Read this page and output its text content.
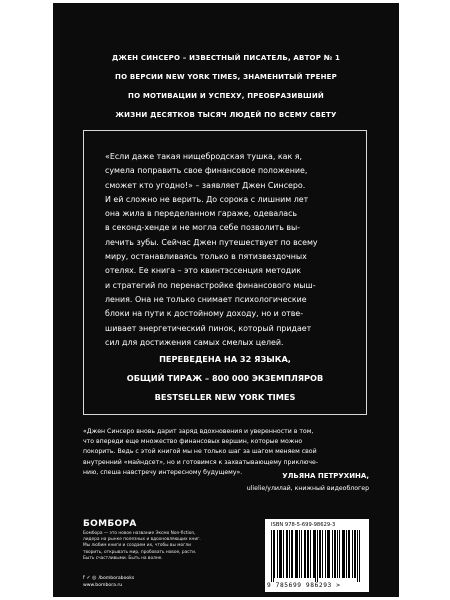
ДЖЕН СИНСЕРО – ИЗВЕСТНЫЙ ПИСАТЕЛЬ, АВТОР № 1
ПО ВЕРСИИ NEW YORK TIMES, ЗНАМЕНИТЫЙ ТРЕНЕР
ПО МОТИВАЦИИ И УСПЕХУ, ПРЕОБРАЗИВШИЙ
ЖИЗНИ ДЕСЯТКОВ ТЫСЯЧ ЛЮДЕЙ ПО ВСЕМУ СВЕТУ
«Если даже такая нищебродская тушка, как я,
сумела поправить свое финансовое положение,
сможет кто угодно!» – заявляет Джен Синсеро.
И ей сложно не верить. До сорока с лишним лет
она жила в переделанном гараже, одевалась
в секонд-хенде и не могла себе позволить вы-
лечить зубы. Сейчас Джен путешествует по всему
миру, останавливаясь только в пятизвездочных
отелях. Ее книга – это квинтэссенция методик
и стратегий по перенастройке финансового мыш-
ления. Она не только снимает психологические
блоки на пути к достойному доходу, но и отве-
шивает энергетический пинок, который придает
сил для достижения самых смелых целей.
ПЕРЕВЕДЕНА НА 32 ЯЗЫКА,
ОБЩИЙ ТИРАЖ – 800 000 ЭКЗЕМПЛЯРОВ
BESTSELLER NEW YORK TIMES
«Джен Синсеро вновь дарит заряд вдохновения и уверенности в том,
что впереди еще множество финансовых вершин, которые можно
покорить. Ведь с этой книгой мы не только шаг за шагом меняем свой
внутренний «майндсет», но и готовимся к захватывающему приключе-
нию, спеша навстречу интересному будущему».	УЛЬЯНА ПЕТРУХИНА,
ulielie/улилай, книжный видеоблогер
БОМБОРА
Бомбора — это новое название Эксмо Non-fiction,
лидера на рынке полезных и вдохновляющих книг.
Мы любим книги и создаем их, чтобы вы могли
творить, открывать мир, пробовать новое, расти.
Быть счастливыми. Быть на волне.
f ✓ ◎ /bomborabooks
www.bombora.ru
ISBN 978-5-699-98629-3
9 785699 986293 >
